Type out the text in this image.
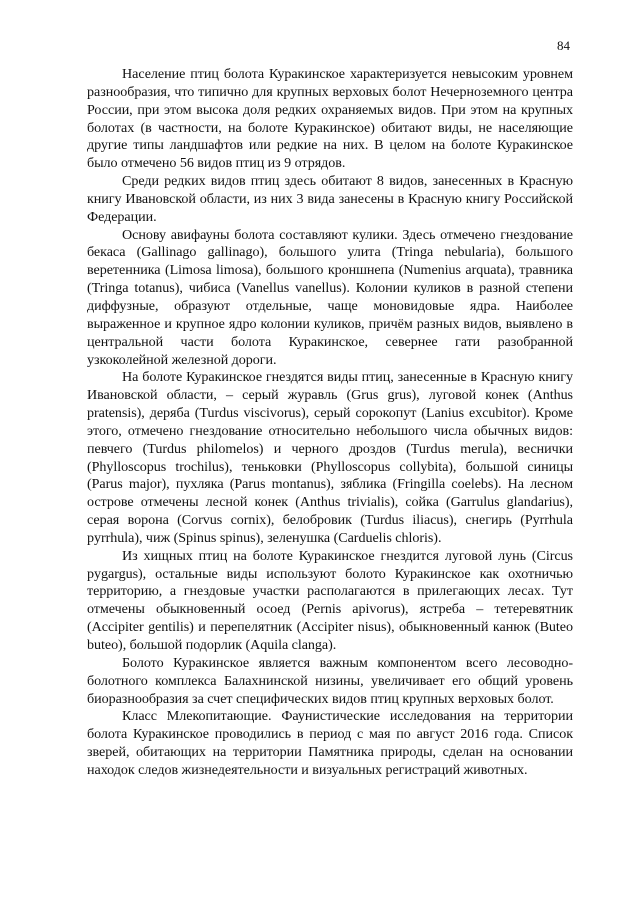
84

Население птиц болота Куракинское характеризуется невысоким уровнем разнообразия, что типично для крупных верховых болот Нечерноземного центра России, при этом высока доля редких охраняемых видов. При этом на крупных болотах (в частности, на болоте Куракинское) обитают виды, не населяющие другие типы ландшафтов или редкие на них. В целом на болоте Куракинское было отмечено 56 видов птиц из 9 отрядов.

Среди редких видов птиц здесь обитают 8 видов, занесенных в Красную книгу Ивановской области, из них 3 вида занесены в Красную книгу Российской Федерации.

Основу авифауны болота составляют кулики. Здесь отмечено гнездование бекаса (Gallinago gallinago), большого улита (Tringa nebularia), большого веретенника (Limosa limosa), большого кроншнепа (Numenius arquata), травника (Tringa totanus), чибиса (Vanellus vanellus). Колонии куликов в разной степени диффузные, образуют отдельные, чаще моновидовые ядра. Наиболее выраженное и крупное ядро колонии куликов, причём разных видов, выявлено в центральной части болота Куракинское, севернее гати разобранной узкоколейной железной дороги.

На болоте Куракинское гнездятся виды птиц, занесенные в Красную книгу Ивановской области, – серый журавль (Grus grus), луговой конек (Anthus pratensis), деряба (Turdus viscivorus), серый сорокопут (Lanius excubitor). Кроме этого, отмечено гнездование относительно небольшого числа обычных видов: певчего (Turdus philomelos) и черного дроздов (Turdus merula), веснички (Phylloscopus trochilus), теньковки (Phylloscopus collybita), большой синицы (Parus major), пухляка (Parus montanus), зяблика (Fringilla coelebs). На лесном острове отмечены лесной конек (Anthus trivialis), сойка (Garrulus glandarius), серая ворона (Corvus cornix), белобровик (Turdus iliacus), снегирь (Pyrrhula pyrrhula), чиж (Spinus spinus), зеленушка (Carduelis chloris).

Из хищных птиц на болоте Куракинское гнездится луговой лунь (Circus pygargus), остальные виды используют болото Куракинское как охотничью территорию, а гнездовые участки располагаются в прилегающих лесах. Тут отмечены обыкновенный осоед (Pernis apivorus), ястреба – тетеревятник (Accipiter gentilis) и перепелятник (Accipiter nisus), обыкновенный канюк (Buteo buteo), большой подорлик (Aquila clanga).

Болото Куракинское является важным компонентом всего лесоводно-болотного комплекса Балахнинской низины, увеличивает его общий уровень биоразнообразия за счет специфических видов птиц крупных верховых болот.

Класс Млекопитающие. Фаунистические исследования на территории болота Куракинское проводились в период с мая по август 2016 года. Список зверей, обитающих на территории Памятника природы, сделан на основании находок следов жизнедеятельности и визуальных регистраций животных.
